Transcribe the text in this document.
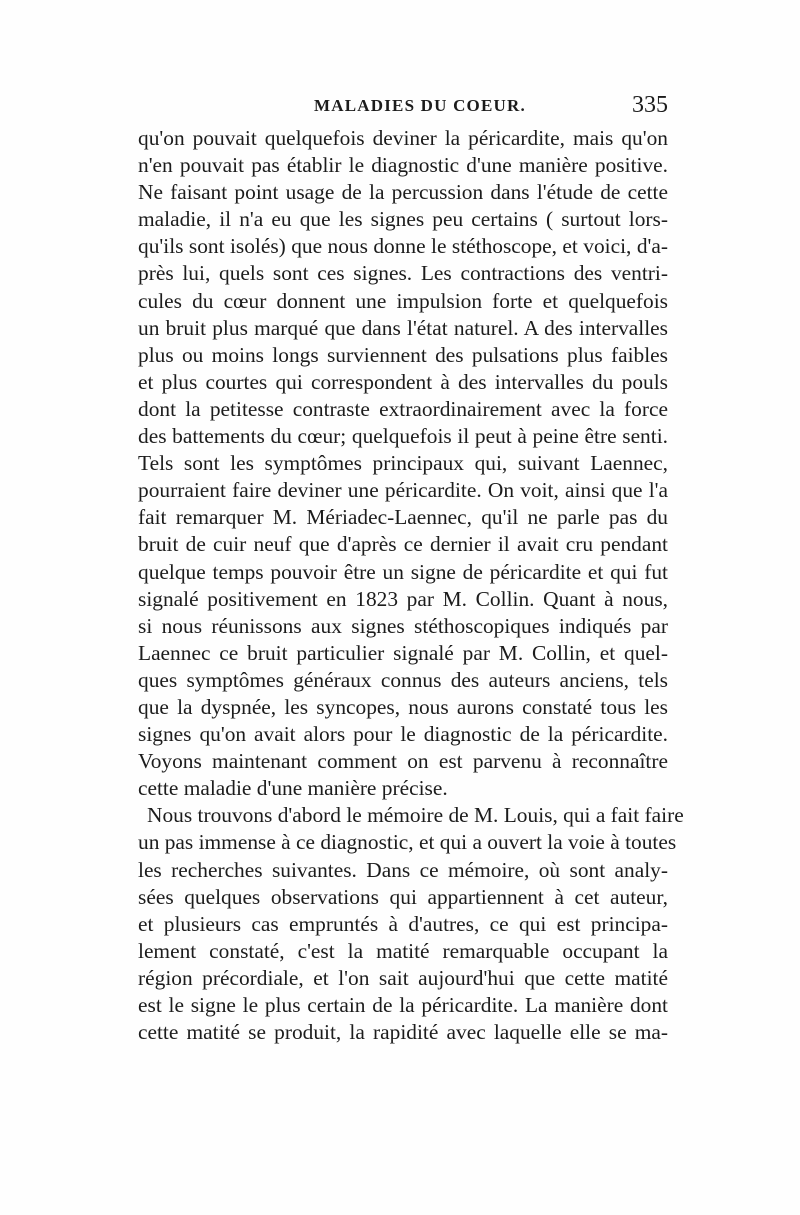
MALADIES DU COEUR.	335
qu'on pouvait quelquefois deviner la péricardite, mais qu'on
n'en pouvait pas établir le diagnostic d'une manière positive.
Ne faisant point usage de la percussion dans l'étude de cette
maladie, il n'a eu que les signes peu certains ( surtout lors-
qu'ils sont isolés) que nous donne le stéthoscope, et voici, d'a-
près lui, quels sont ces signes. Les contractions des ventri-
cules du cœur donnent une impulsion forte et quelquefois
un bruit plus marqué que dans l'état naturel. A des intervalles
plus ou moins longs surviennent des pulsations plus faibles
et plus courtes qui correspondent à des intervalles du pouls
dont la petitesse contraste extraordinairement avec la force
des battements du cœur; quelquefois il peut à peine être senti.
Tels sont les symptômes principaux qui, suivant Laennec,
pourraient faire deviner une péricardite. On voit, ainsi que l'a
fait remarquer M. Mériadec-Laennec, qu'il ne parle pas du
bruit de cuir neuf que d'après ce dernier il avait cru pendant
quelque temps pouvoir être un signe de péricardite et qui fut
signalé positivement en 1823 par M. Collin. Quant à nous,
si nous réunissons aux signes stéthoscopiques indiqués par
Laennec ce bruit particulier signalé par M. Collin, et quel-
ques symptômes généraux connus des auteurs anciens, tels
que la dyspnée, les syncopes, nous aurons constaté tous les
signes qu'on avait alors pour le diagnostic de la péricardite.
Voyons maintenant comment on est parvenu à reconnaître
cette maladie d'une manière précise.
Nous trouvons d'abord le mémoire de M. Louis, qui a fait faire
un pas immense à ce diagnostic, et qui a ouvert la voie à toutes
les recherches suivantes. Dans ce mémoire, où sont analy-
sées quelques observations qui appartiennent à cet auteur,
et plusieurs cas empruntés à d'autres, ce qui est principa-
lement constaté, c'est la matité remarquable occupant la
région précordiale, et l'on sait aujourd'hui que cette matité
est le signe le plus certain de la péricardite. La manière dont
cette matité se produit, la rapidité avec laquelle elle se ma-
